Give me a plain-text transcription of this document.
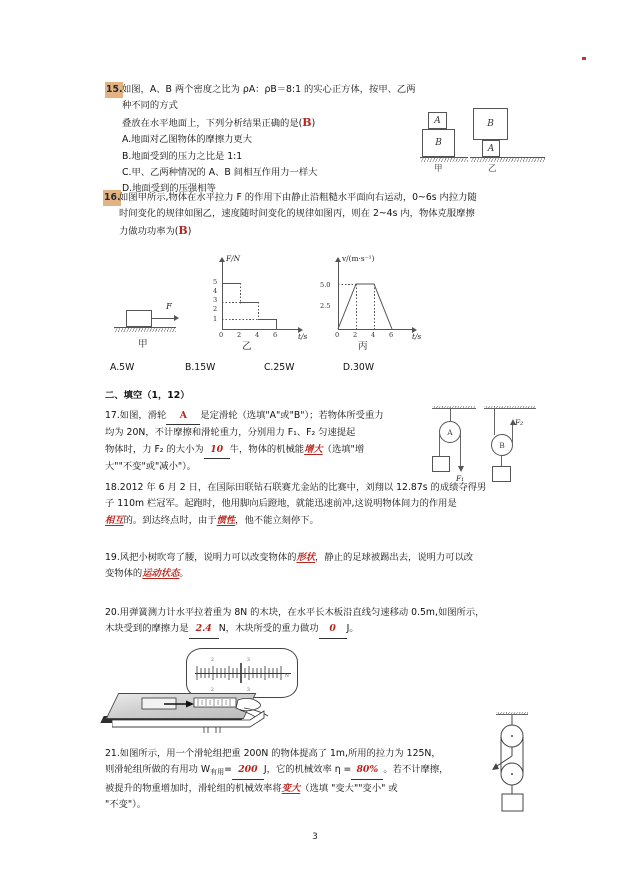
15. 如图，A、B 两个密度之比为 ρA：ρB＝8:1 的实心正方体，按甲、乙两种不同的方式
叠放在水平地面上，下列分析结果正确的是(B)
A.地面对乙图物体的摩擦力更大
B.地面受到的压力之比是 1:1
C.甲、乙两种情况的 A、B 间相互作用力一样大
D.地面受到的压强相等
A
B
甲
B
A
乙
16.
如图甲所示,物体在水平拉力 F 的作用下由静止沿粗糙水平面向右运动，0~6s 内拉力随
时间变化的规律如图乙，速度随时间变化的规律如图丙，则在 2~4s 内，物体克服摩擦
力做功功率为(B)
F
甲
F/N
t/s
1
2
3
4
5
0 2 4 6
乙
v/(m·s⁻¹)
t/s
2.5
5.0
0 2 4 6
丙
A.5W	B.15W	C.25W	D.30W
二、填空（1，12）
17.如图，滑轮 A 是定滑轮（选填"A"或"B"）；若物体所受重力
均为 20N，不计摩擦和滑轮重力，分别用力 F₁、F₂ 匀速提起
物体时，力 F₂ 的大小为 10 牛，物体的机械能增大（选填"增
大""不变"或"减小"）。
A
F₁
B
F₂
18.2012 年 6 月 2 日，在国际田联钻石联赛尤金站的比赛中，刘翔以 12.87s 的成绩夺得男
子 110m 栏冠军。起跑时，他用脚向后蹬地，就能迅速前冲,这说明物体间力的作用是
相互的。到达终点时，由于惯性，他不能立刻停下。
19.风把小树吹弯了腰，说明力可以改变物体的形状，静止的足球被踢出去，说明力可以改
变物体的运动状态。
20.用弹簧测力计水平拉着重为 8N 的木块，在水平长木板沿直线匀速移动 0.5m,如图所示，
木块受到的摩擦力是 2.4 N，木块所受的重力做功 0 J。
2	3
2	3
N
21.如图所示，用一个滑轮组把重 200N 的物体提高了 1m,所用的拉力为 125N，
则滑轮组所做的有用功 $W_{有用}= 200$ J，它的机械效率 η = 80% 。若不计摩擦，
被提升的物重增加时，滑轮组的机械效率将变大（选填 "变大""变小" 或
"不变"）。
3
